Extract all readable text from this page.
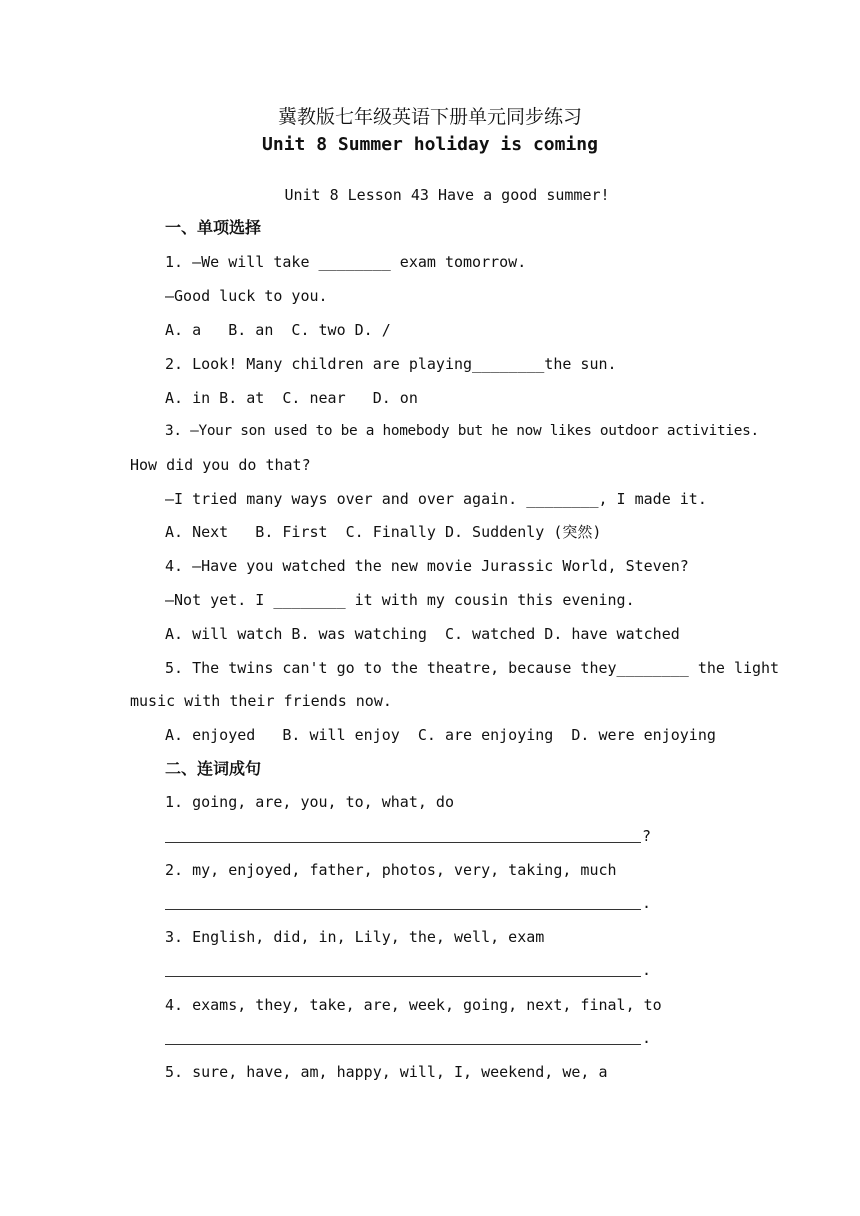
冀教版七年级英语下册单元同步练习
Unit 8 Summer holiday is coming
Unit 8 Lesson 43 Have a good summer!
一、单项选择
1. —We will take ________ exam tomorrow.
—Good luck to you.
A. a   B. an  C. two D. /
2. Look! Many children are playing________the sun.
A. in B. at  C. near   D. on
3. —Your son used to be a homebody but he now likes outdoor activities.
How did you do that?
—I tried many ways over and over again. ________, I made it.
A. Next   B. First  C. Finally D. Suddenly (突然)
4. —Have you watched the new movie Jurassic World, Steven?
—Not yet. I ________ it with my cousin this evening.
A. will watch B. was watching  C. watched D. have watched
5. The twins can't go to the theatre, because they________ the light
music with their friends now.
A. enjoyed   B. will enjoy  C. are enjoying  D. were enjoying
二、连词成句
1. going, are, you, to, what, do
?
2. my, enjoyed, father, photos, very, taking, much
.
3. English, did, in, Lily, the, well, exam
.
4. exams, they, take, are, week, going, next, final, to
.
5. sure, have, am, happy, will, I, weekend, we, a
